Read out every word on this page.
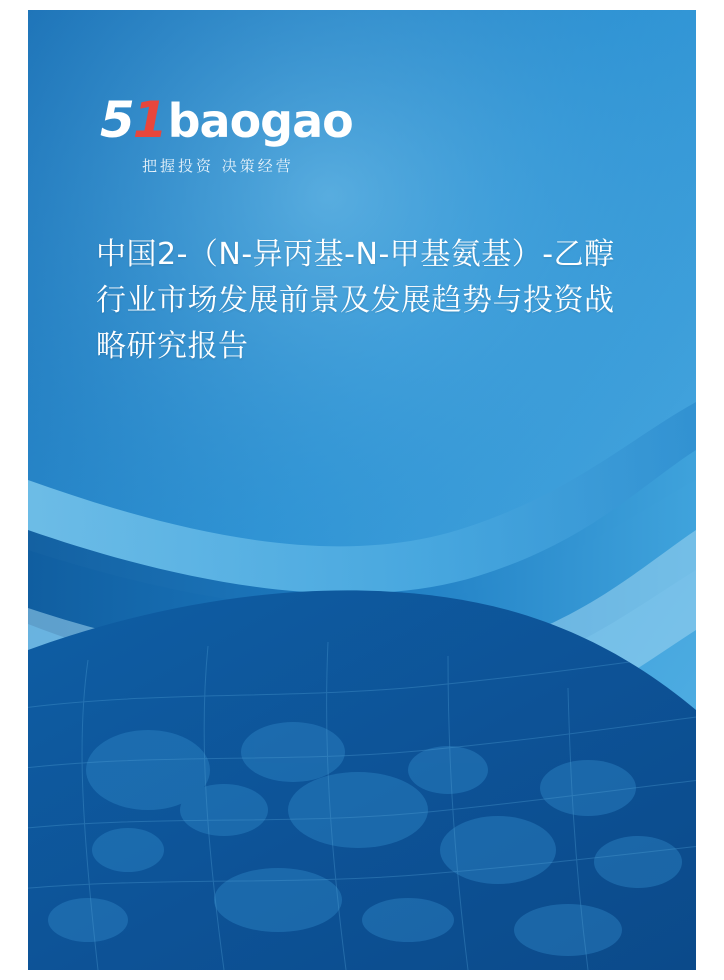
51 baogao
把握投资 决策经营
中国2-（N-异丙基-N-甲基氨基）-乙醇行业市场发展前景及发展趋势与投资战略研究报告
